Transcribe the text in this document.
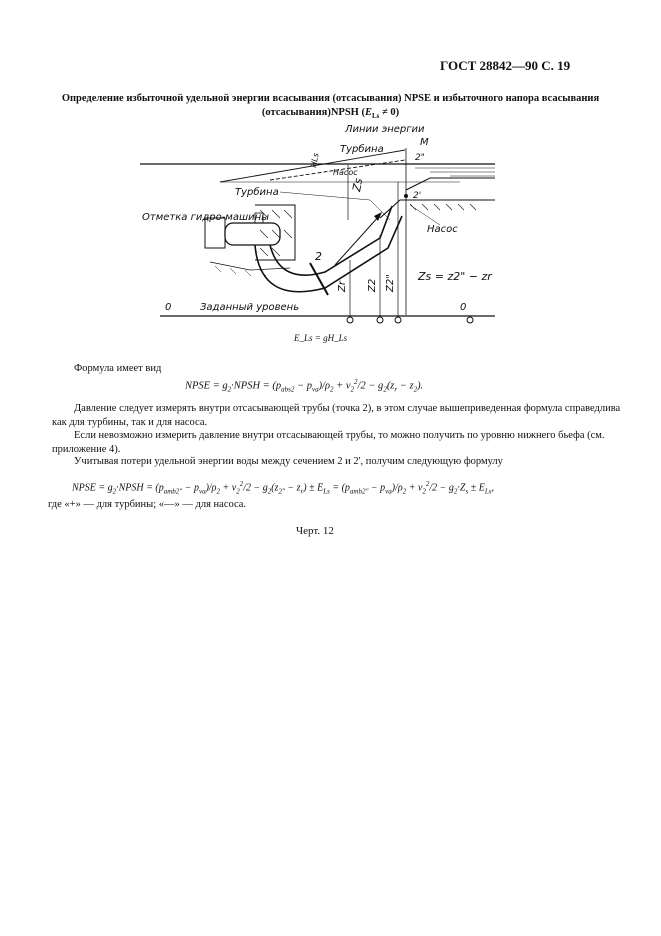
ГОСТ 28842—90 С. 19
Определение избыточной удельной энергии всасывания (отсасывания) NPSE и избыточного напора всасывания
(отсасывания)NPSH $(E_{Ls} \ne 0)$
Линии энергии
Турбина
Насос
HLs
M
2"
2'
Турбина
Отметка гидро-машины
2
Насос
Zs
Zr Z2 Z2" Zs = z2" − zr
0	0
Заданный уровень
E_Ls = gH_Ls
Формула имеет вид
NPSE = $g_2\cdot NPSH = (p_{abs2} - p_{va})/\rho_2 + v_2^2/2 - g_2(z_r - z_2)$.
Давление следует измерять внутри отсасывающей трубы (точка 2), в этом случае вышеприведенная формула справедлива как для турбины, так и для насоса.
Если невозможно измерить давление внутри отсасывающей трубы, то можно получить по уровню нижнего бьефа (см. приложение 4).
Учитывая потери удельной энергии воды между сечением 2 и 2', получим следующую формулу
NPSE = $g_2\cdot NPSH = (p_{amb2"} - p_{va})/\rho_2 + v_2^2/2 - g_2(z_{2"} - z_r) \pm E_{Ls} = (p_{amb2"} - p_{va})/\rho_2 + v_2^2/2 - g_2\cdot Z_s \pm E_{Ls}$,
где «+» — для турбины; «—» — для насоса.
Черт. 12
